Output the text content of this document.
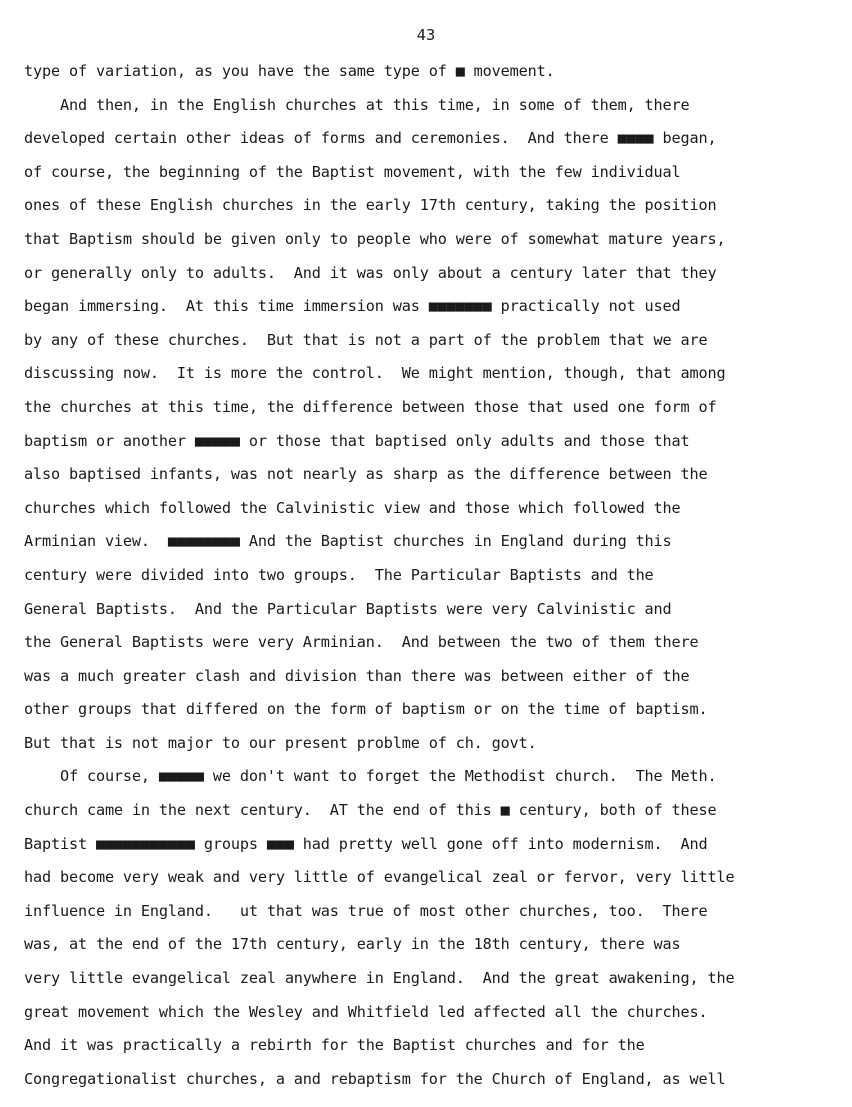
43
type of variation, as you have the same type of ■ movement.
And then, in the English churches at this time, in some of them, there
developed certain other ideas of forms and ceremonies.  And there ■■■■ began,
of course, the beginning of the Baptist movement, with the few individual
ones of these English churches in the early 17th century, taking the position
that Baptism should be given only to people who were of somewhat mature years,
or generally only to adults.  And it was only about a century later that they
began immersing.  At this time immersion was ■■■■■■■ practically not used
by any of these churches.  But that is not a part of the problem that we are
discussing now.  It is more the control.  We might mention, though, that among
the churches at this time, the difference between those that used one form of
baptism or another ■■■■■ or those that baptised only adults and those that
also baptised infants, was not nearly as sharp as the difference between the
churches which followed the Calvinistic view and those which followed the
Arminian view.  ■■■■■■■■ And the Baptist churches in England during this
century were divided into two groups.  The Particular Baptists and the
General Baptists.  And the Particular Baptists were very Calvinistic and
the General Baptists were very Arminian.  And between the two of them there
was a much greater clash and division than there was between either of the
other groups that differed on the form of baptism or on the time of baptism.
But that is not major to our present problme of ch. govt.
Of course, ■■■■■ we don't want to forget the Methodist church.  The Meth.
church came in the next century.  AT the end of this ■ century, both of these
Baptist ■■■■■■■■■■■ groups ■■■ had pretty well gone off into modernism.  And
had become very weak and very little of evangelical zeal or fervor, very little
influence in England.   ut that was true of most other churches, too.  There
was, at the end of the 17th century, early in the 18th century, there was
very little evangelical zeal anywhere in England.  And the great awakening, the
great movement which the Wesley and Whitfield led affected all the churches.
And it was practically a rebirth for the Baptist churches and for the
Congregationalist churches, a and rebaptism for the Church of England, as well
